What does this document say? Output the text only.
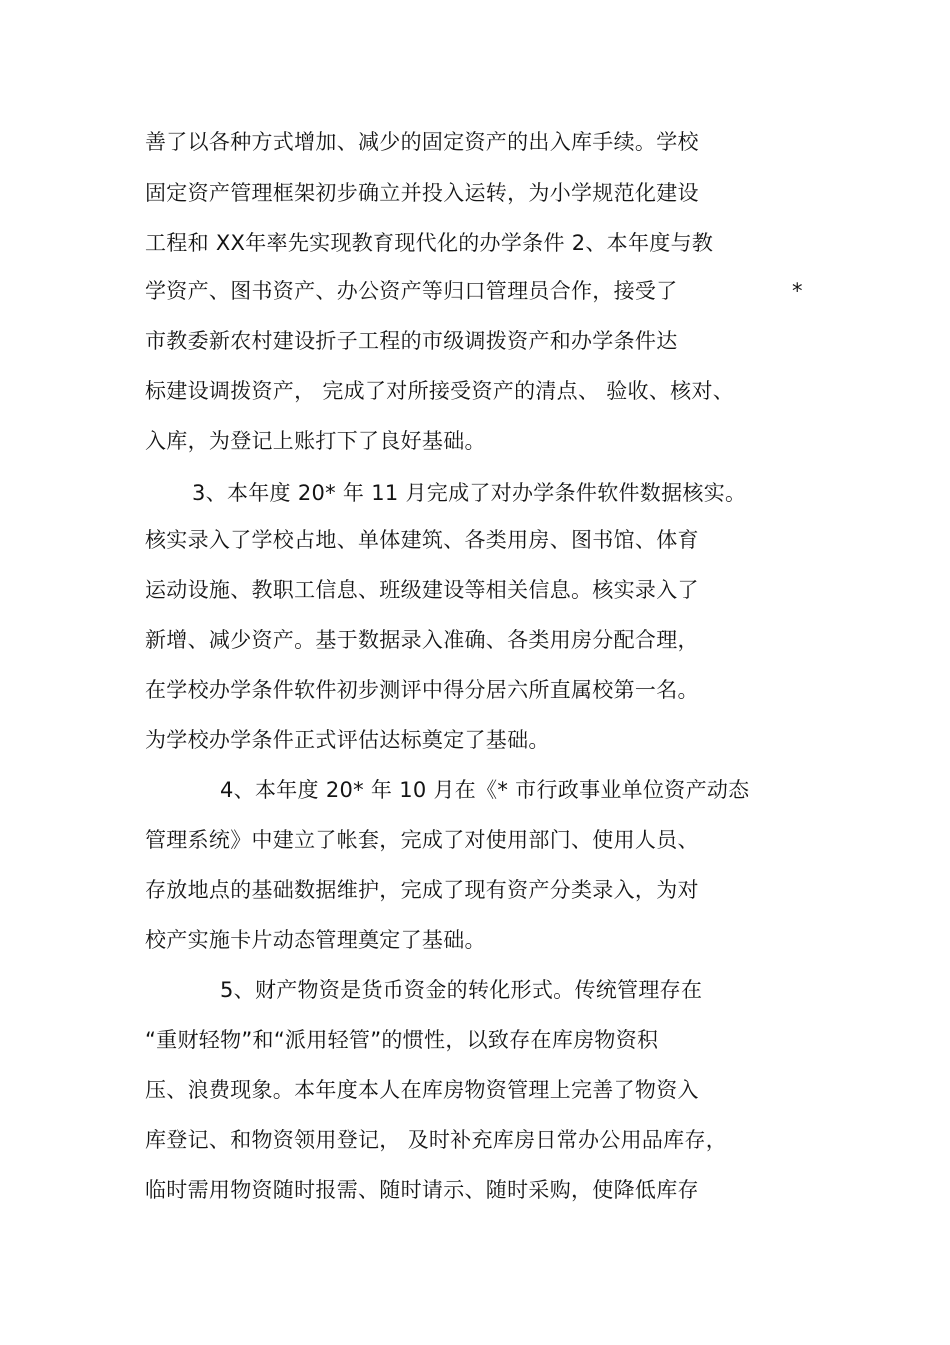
善了以各种方式增加、减少的固定资产的出入库手续。学校
固定资产管理框架初步确立并投入运转，为小学规范化建设
工程和 XX年率先实现教育现代化的办学条件 2、本年度与教
学资产、图书资产、办公资产等归口管理员合作，接受了	*
市教委新农村建设折子工程的市级调拨资产和办学条件达
标建设调拨资产， 完成了对所接受资产的清点、 验收、核对、
入库，为登记上账打下了良好基础。
3、本年度 20* 年 11 月完成了对办学条件软件数据核实。
核实录入了学校占地、单体建筑、各类用房、图书馆、体育
运动设施、教职工信息、班级建设等相关信息。核实录入了
新增、减少资产。基于数据录入准确、各类用房分配合理，
在学校办学条件软件初步测评中得分居六所直属校第一名。
为学校办学条件正式评估达标奠定了基础。
4、本年度 20* 年 10 月在《* 市行政事业单位资产动态
管理系统》中建立了帐套，完成了对使用部门、使用人员、
存放地点的基础数据维护，完成了现有资产分类录入，为对
校产实施卡片动态管理奠定了基础。
5、财产物资是货币资金的转化形式。传统管理存在
“重财轻物”和“派用轻管”的惯性，以致存在库房物资积
压、浪费现象。本年度本人在库房物资管理上完善了物资入
库登记、和物资领用登记， 及时补充库房日常办公用品库存，
临时需用物资随时报需、随时请示、随时采购，使降低库存
